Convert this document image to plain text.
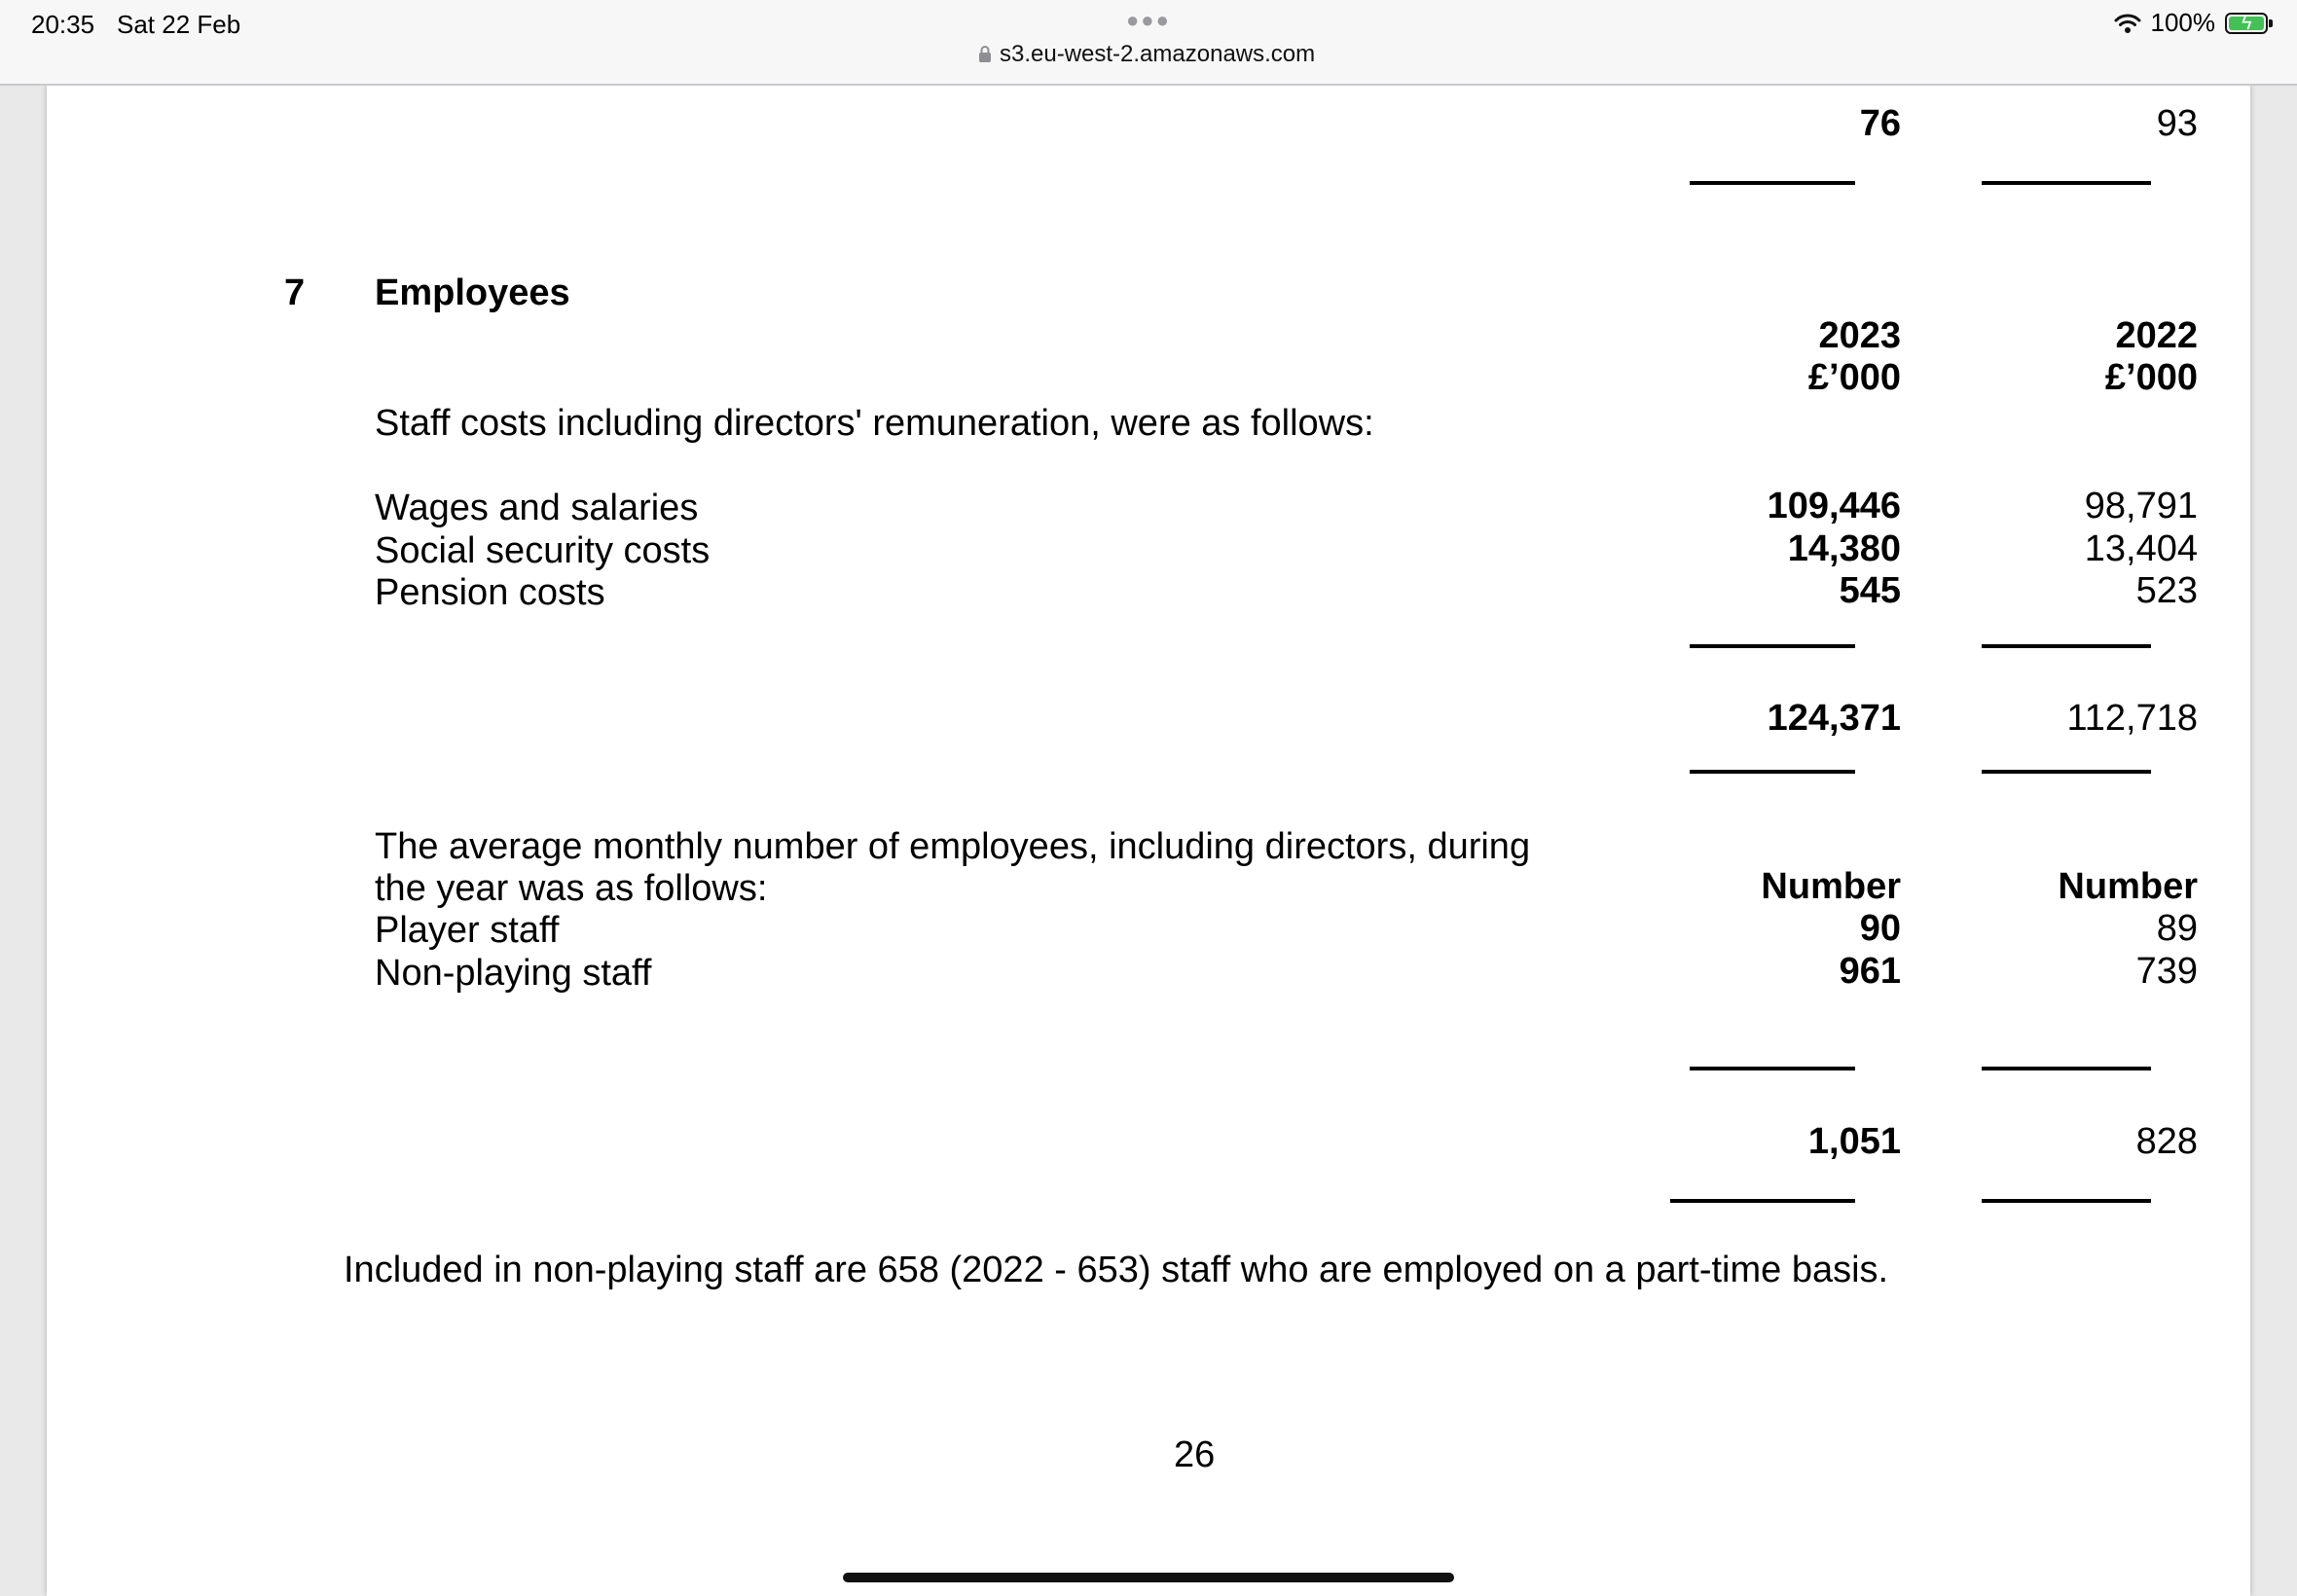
20:35 Sat 22 Feb	●●●
s3.eu-west-2.amazonaws.com
100% ϟ
76	93
7 Employees
2023	2022
£’000	£’000
Staff costs including directors' remuneration, were as follows:
Wages and salaries	109,446	98,791
Social security costs	14,380	13,404
Pension costs	545	523
124,371	112,718
The average monthly number of employees, including directors, during
the year was as follows:	Number	Number
Player staff	90	89
Non-playing staff	961	739
1,051	828
Included in non-playing staff are 658 (2022 - 653) staff who are employed on a part-time basis.
26
